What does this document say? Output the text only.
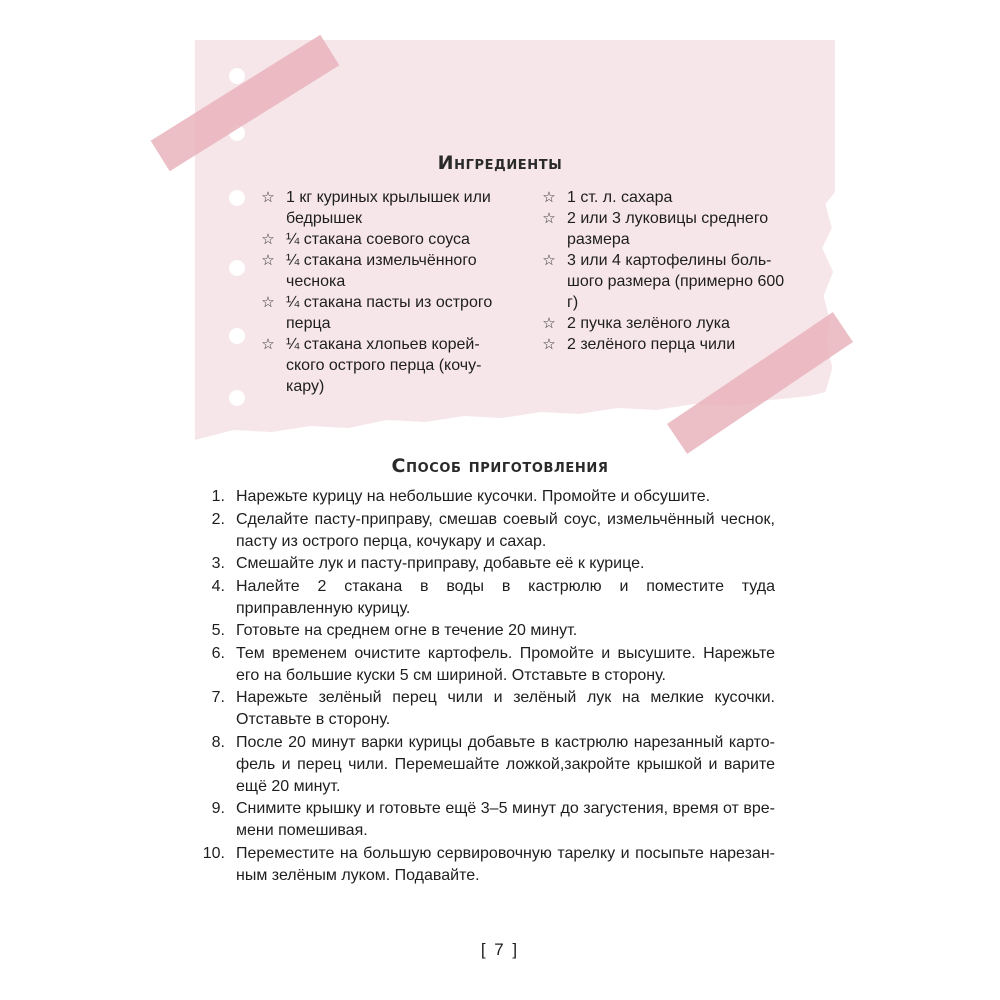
Ингредиенты
☆ 1 кг куриных крылышек или бедрышек
☆ ¼ стакана соевого соуса
☆ ¼ стакана измельчённого чеснока
☆ ¼ стакана пасты из острого перца
☆ ¼ стакана хлопьев корей-ского острого перца (кочу-кару)
☆ 1 ст. л. сахара
☆ 2 или 3 луковицы среднего размера
☆ 3 или 4 картофелины боль-шого размера (примерно 600 г)
☆ 2 пучка зелёного лука
☆ 2 зелёного перца чили
Способ приготовления
1. Нарежьте курицу на небольшие кусочки. Промойте и обсушите.
2. Сделайте пасту-приправу, смешав соевый соус, измельчённый чеснок, пасту из острого перца, кочукару и сахар.
3. Смешайте лук и пасту-приправу, добавьте её к курице.
4. Налейте 2 стакана в воды в кастрюлю и поместите туда приправленную курицу.
5. Готовьте на среднем огне в течение 20 минут.
6. Тем временем очистите картофель. Промойте и высушите. Нарежьте его на большие куски 5 см шириной. Отставьте в сторону.
7. Нарежьте зелёный перец чили и зелёный лук на мелкие кусочки. Отставьте в сторону.
8. После 20 минут варки курицы добавьте в кастрюлю нарезанный карто-фель и перец чили. Перемешайте ложкой,закройте крышкой и варите ещё 20 минут.
9. Снимите крышку и готовьте ещё 3–5 минут до загустения, время от вре-мени помешивая.
10. Переместите на большую сервировочную тарелку и посыпьте нарезан-ным зелёным луком. Подавайте.
[ 7 ]
